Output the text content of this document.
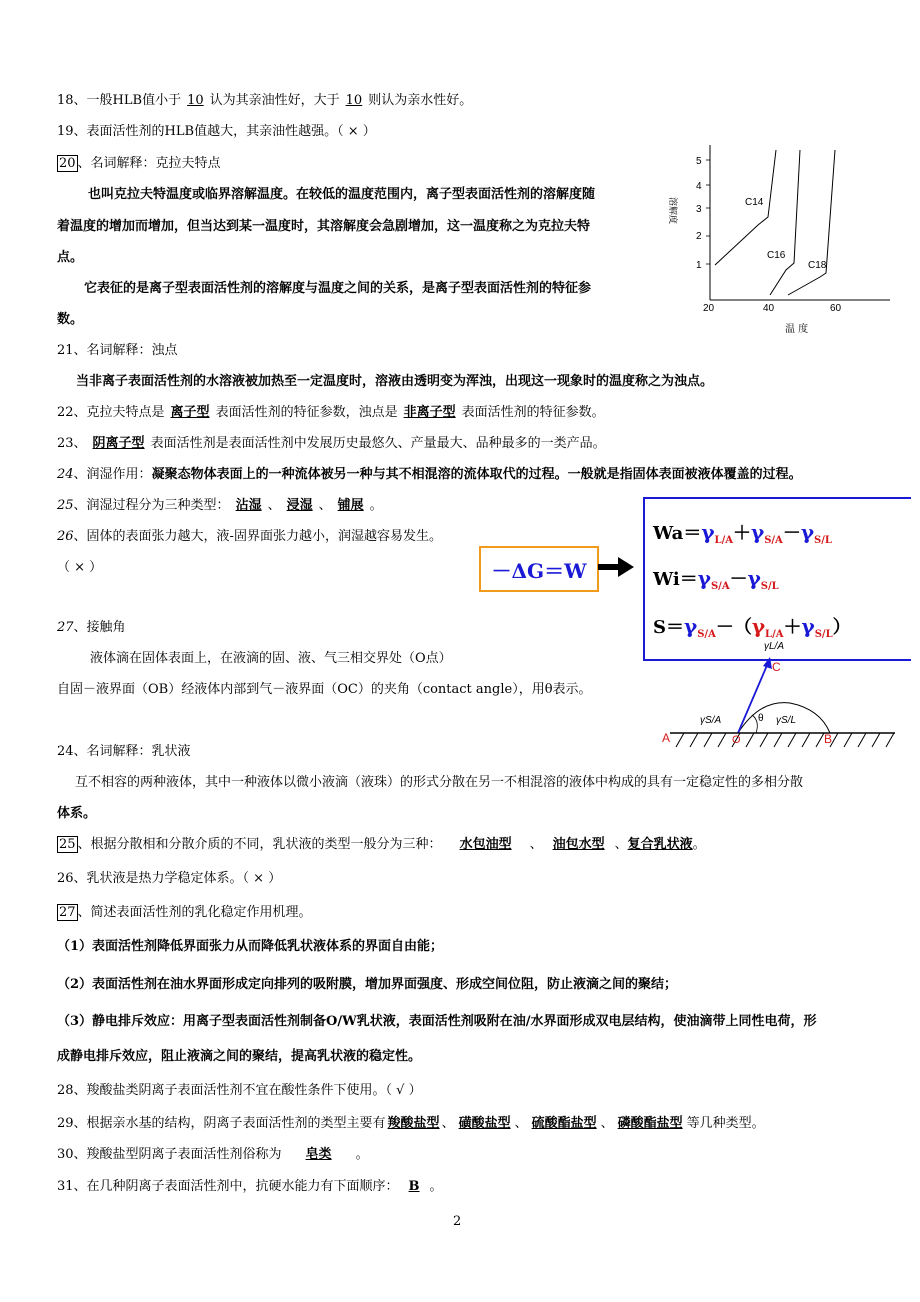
18、一般HLB值小于 10 认为其亲油性好，大于 10 则认为亲水性好。
19、表面活性剂的HLB值越大，其亲油性越强。（ × ）
20 、名词解释：克拉夫特点
也叫克拉夫特温度或临界溶解温度。在较低的温度范围内，离子型表面活性剂的溶解度随
着温度的增加而增加，但当达到某一温度时，其溶解度会急剧增加，这一温度称之为克拉夫特
点。
它表征的是离子型表面活性剂的溶解度与温度之间的关系，是离子型表面活性剂的特征参
数。
1
2
3
4
5
20	40	60
C14
C16
C18
溶解度
温 度
21、名词解释：浊点
当非离子表面活性剂的水溶液被加热至一定温度时，溶液由透明变为浑浊，出现这一现象时的温度称之为浊点。
22、克拉夫特点是 离子型 表面活性剂的特征参数，浊点是 非离子型 表面活性剂的特征参数。
23、 阴离子型 表面活性剂是表面活性剂中发展历史最悠久、产量最大、品种最多的一类产品。
24、润湿作用：凝聚态物体表面上的一种流体被另一种与其不相混溶的流体取代的过程。一般就是指固体表面被液体覆盖的过程。
25、润湿过程分为三种类型： 沾湿 、 浸湿 、 铺展 。
26、固体的表面张力越大，液-固界面张力越小，润湿越容易发生。
（ × ）	－ΔG＝W
$Wa=\gamma_{L/A}+\gamma_{S/A}-\gamma_{S/L}$
$Wi=\gamma_{S/A}-\gamma_{S/L}$
$S=\gamma_{S/A}-(\gamma_{L/A}+\gamma_{S/L})$
27、接触角
液体滴在固体表面上，在液滴的固、液、气三相交界处（O点）
自固－液界面（OB）经液体内部到气－液界面（OC）的夹角（contact angle），用θ表示。
A	O	B
C
θ
γL/A
γS/A	γS/L
24、名词解释：乳状液
互不相容的两种液体，其中一种液体以微小液滴（液珠）的形式分散在另一不相混溶的液体中构成的具有一定稳定性的多相分散
体系。
25 、根据分散相和分散介质的不同，乳状液的类型一般分为三种： 水包油型 、 油包水型 、复合乳状液。
26、乳状液是热力学稳定体系。（ × ）
27 、简述表面活性剂的乳化稳定作用机理。
（1）表面活性剂降低界面张力从而降低乳状液体系的界面自由能；
（2）表面活性剂在油水界面形成定向排列的吸附膜，增加界面强度、形成空间位阻，防止液滴之间的聚结；
（3）静电排斥效应：用离子型表面活性剂制备O/W乳状液，表面活性剂吸附在油/水界面形成双电层结构，使油滴带上同性电荷，形
成静电排斥效应，阻止液滴之间的聚结，提高乳状液的稳定性。
28、羧酸盐类阴离子表面活性剂不宜在酸性条件下使用。（ √ ）
29、根据亲水基的结构，阴离子表面活性剂的类型主要有 羧酸盐型 、 磺酸盐型 、 硫酸酯盐型 、 磷酸酯盐型 等几种类型。
30、羧酸盐型阴离子表面活性剂俗称为 皂类 。
31、在几种阴离子表面活性剂中，抗硬水能力有下面顺序： B 。
2
